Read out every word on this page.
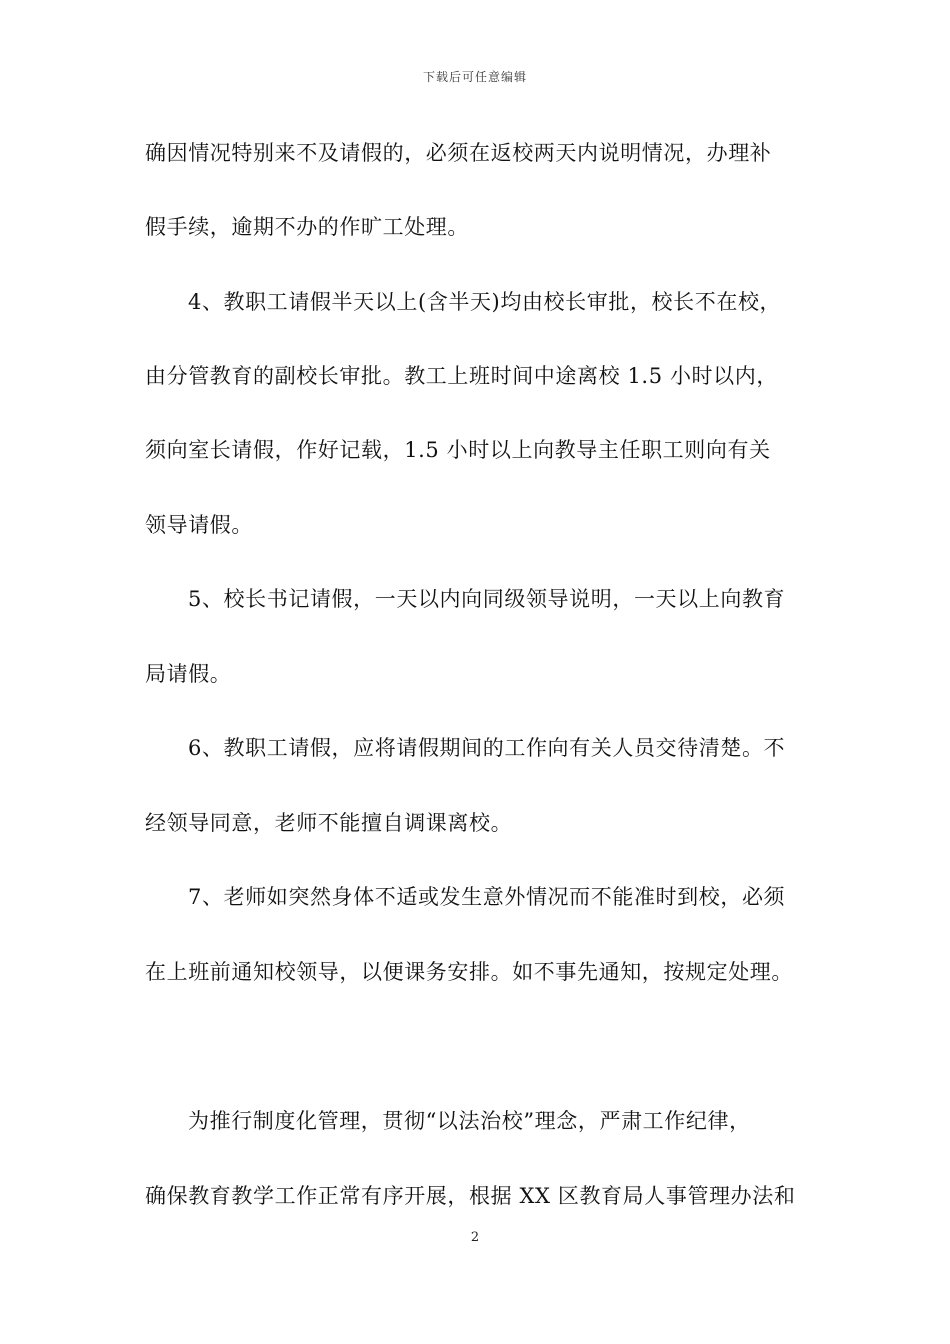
下载后可任意编辑
确因情况特别来不及请假的，必须在返校两天内说明情况，办理补
假手续，逾期不办的作旷工处理。
4、教职工请假半天以上(含半天)均由校长审批，校长不在校，
由分管教育的副校长审批。教工上班时间中途离校 1.5 小时以内，
须向室长请假，作好记载，1.5 小时以上向教导主任职工则向有关
领导请假。
5、校长书记请假，一天以内向同级领导说明，一天以上向教育
局请假。
6、教职工请假，应将请假期间的工作向有关人员交待清楚。不
经领导同意，老师不能擅自调课离校。
7、老师如突然身体不适或发生意外情况而不能准时到校，必须
在上班前通知校领导，以便课务安排。如不事先通知，按规定处理。
为推行制度化管理，贯彻“以法治校”理念，严肃工作纪律，
确保教育教学工作正常有序开展，根据 XX 区教育局人事管理办法和
2
